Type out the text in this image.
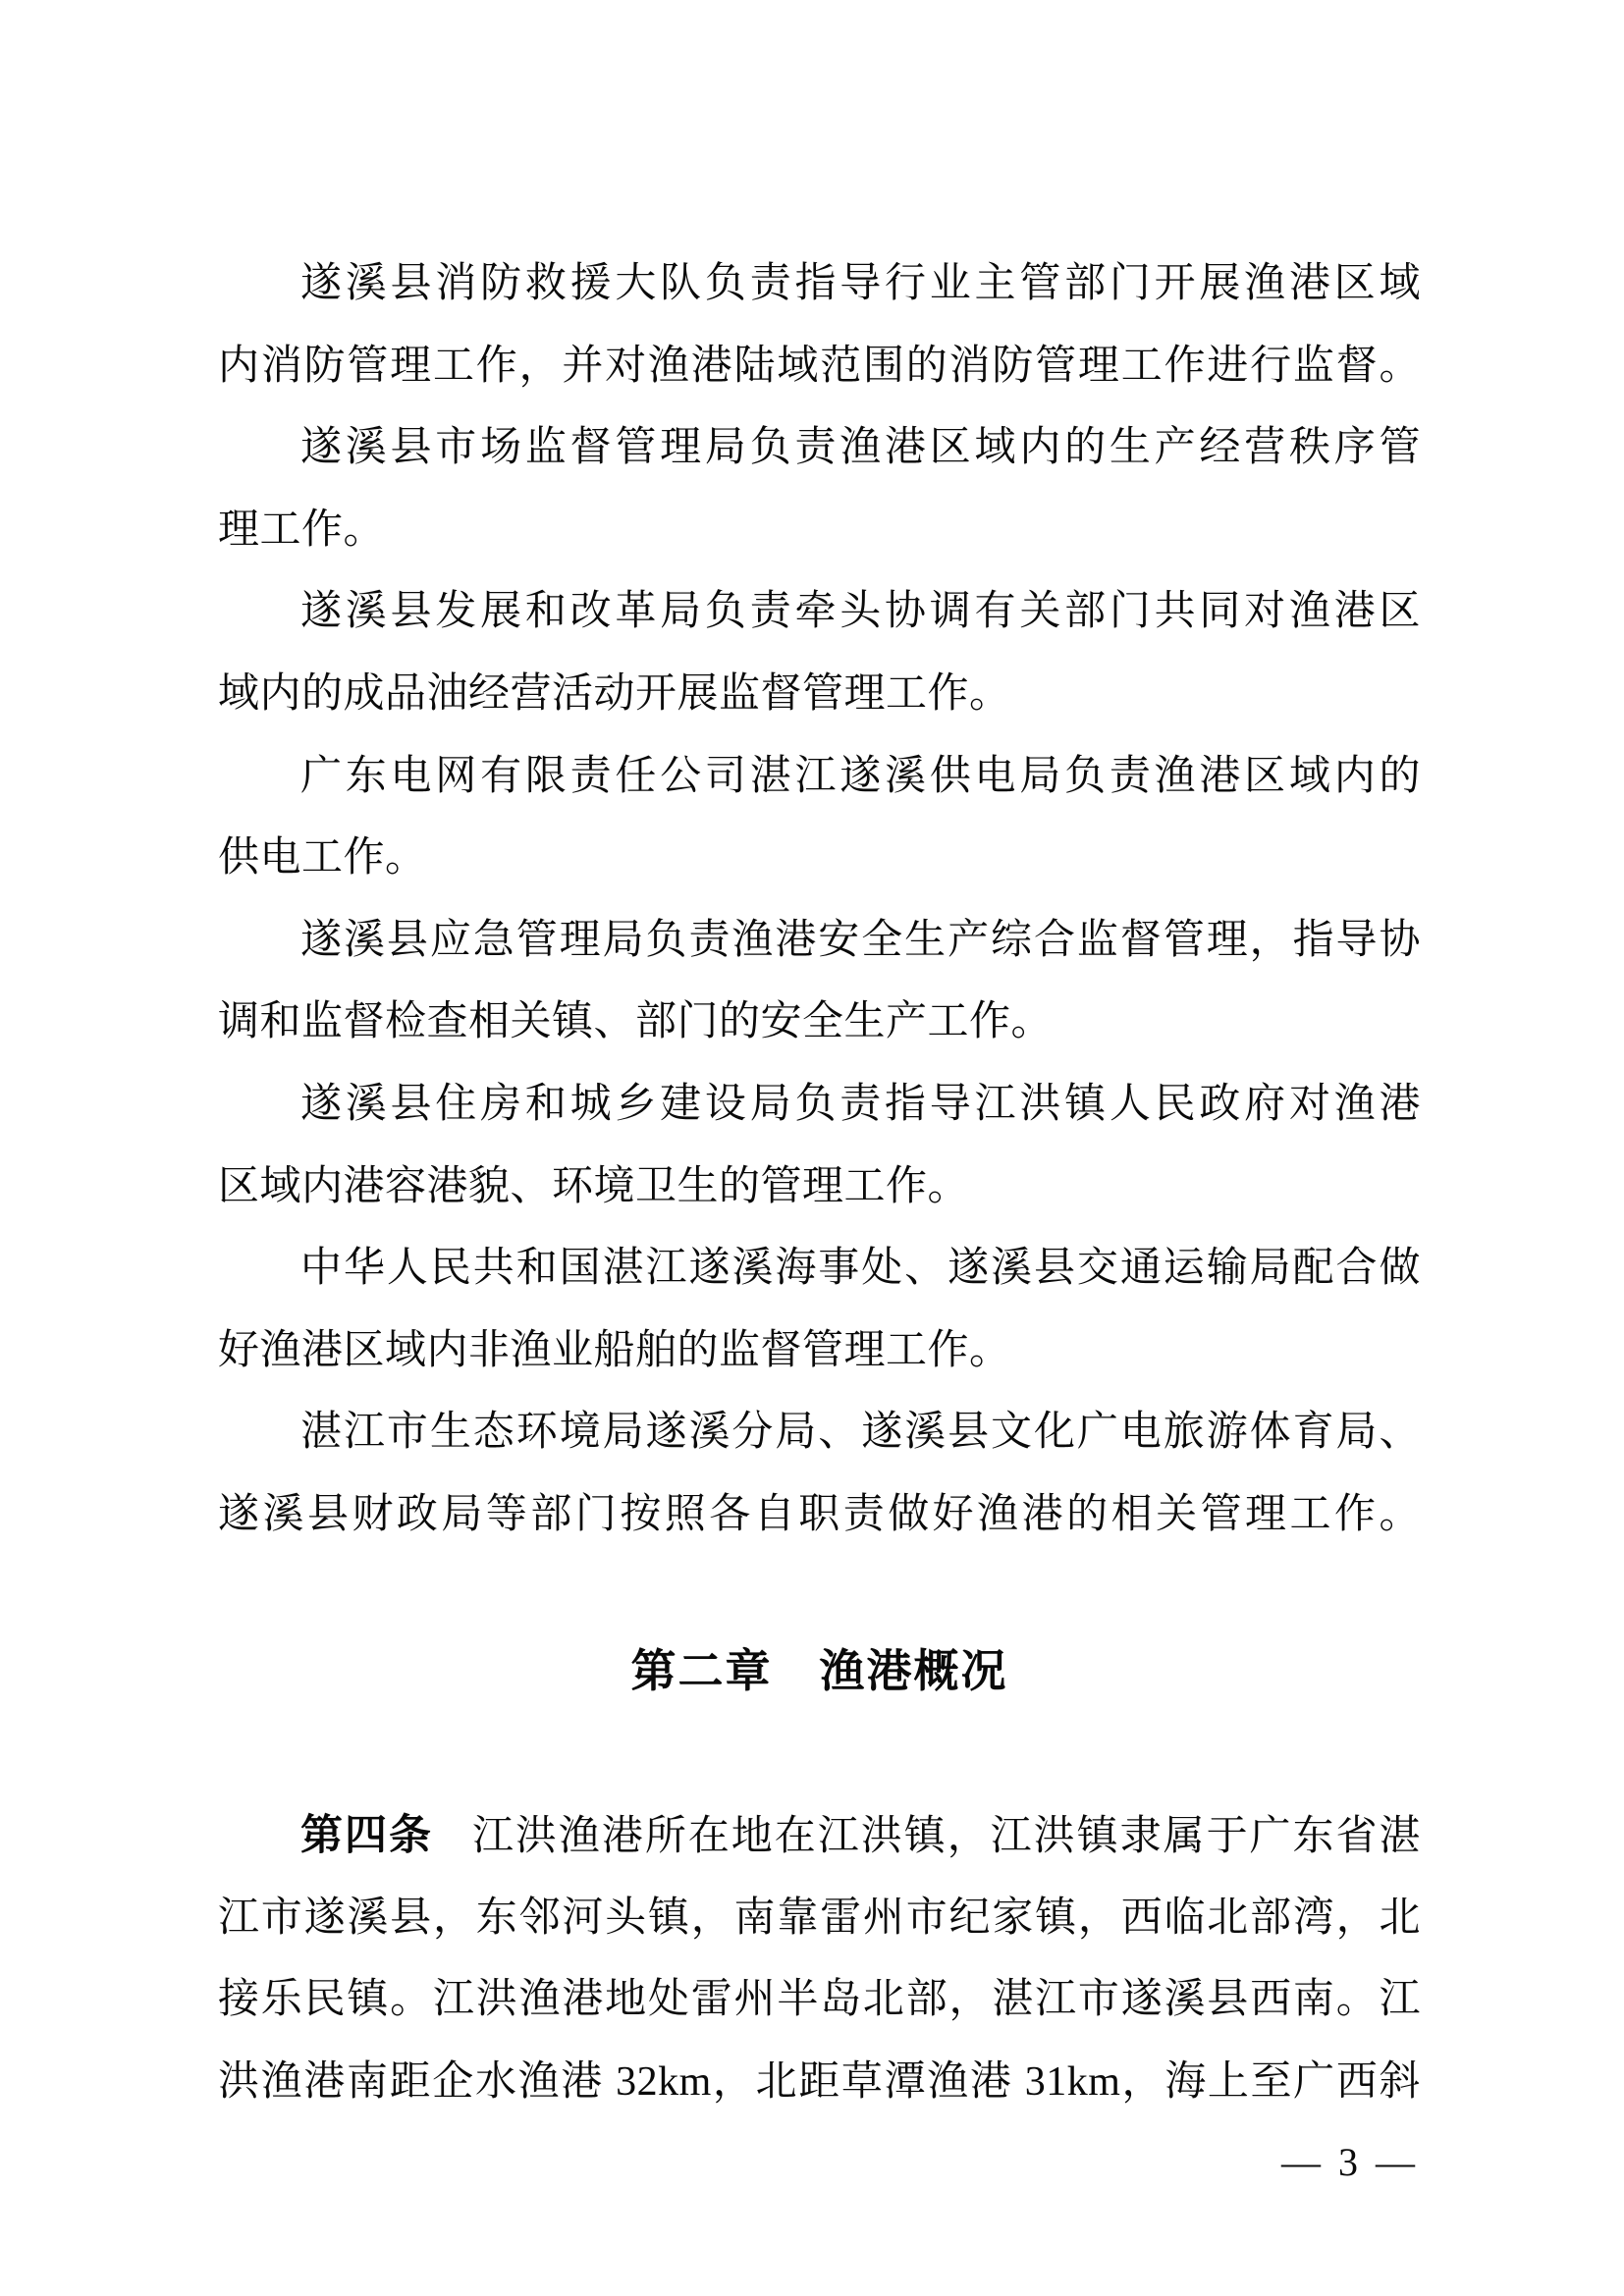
遂溪县消防救援大队负责指导行业主管部门开展渔港区域
内消防管理工作，并对渔港陆域范围的消防管理工作进行监督。
遂溪县市场监督管理局负责渔港区域内的生产经营秩序管
理工作。
遂溪县发展和改革局负责牵头协调有关部门共同对渔港区
域内的成品油经营活动开展监督管理工作。
广东电网有限责任公司湛江遂溪供电局负责渔港区域内的
供电工作。
遂溪县应急管理局负责渔港安全生产综合监督管理，指导协
调和监督检查相关镇、部门的安全生产工作。
遂溪县住房和城乡建设局负责指导江洪镇人民政府对渔港
区域内港容港貌、环境卫生的管理工作。
中华人民共和国湛江遂溪海事处、遂溪县交通运输局配合做
好渔港区域内非渔业船舶的监督管理工作。
湛江市生态环境局遂溪分局、遂溪县文化广电旅游体育局、
遂溪县财政局等部门按照各自职责做好渔港的相关管理工作。
第二章　渔港概况
第四条 江洪渔港所在地在江洪镇，江洪镇隶属于广东省湛
江市遂溪县，东邻河头镇，南靠雷州市纪家镇，西临北部湾，北
接乐民镇。江洪渔港地处雷州半岛北部，湛江市遂溪县西南。江
洪渔港南距企水渔港 32km，北距草潭渔港 31km，海上至广西斜
— 3 —
